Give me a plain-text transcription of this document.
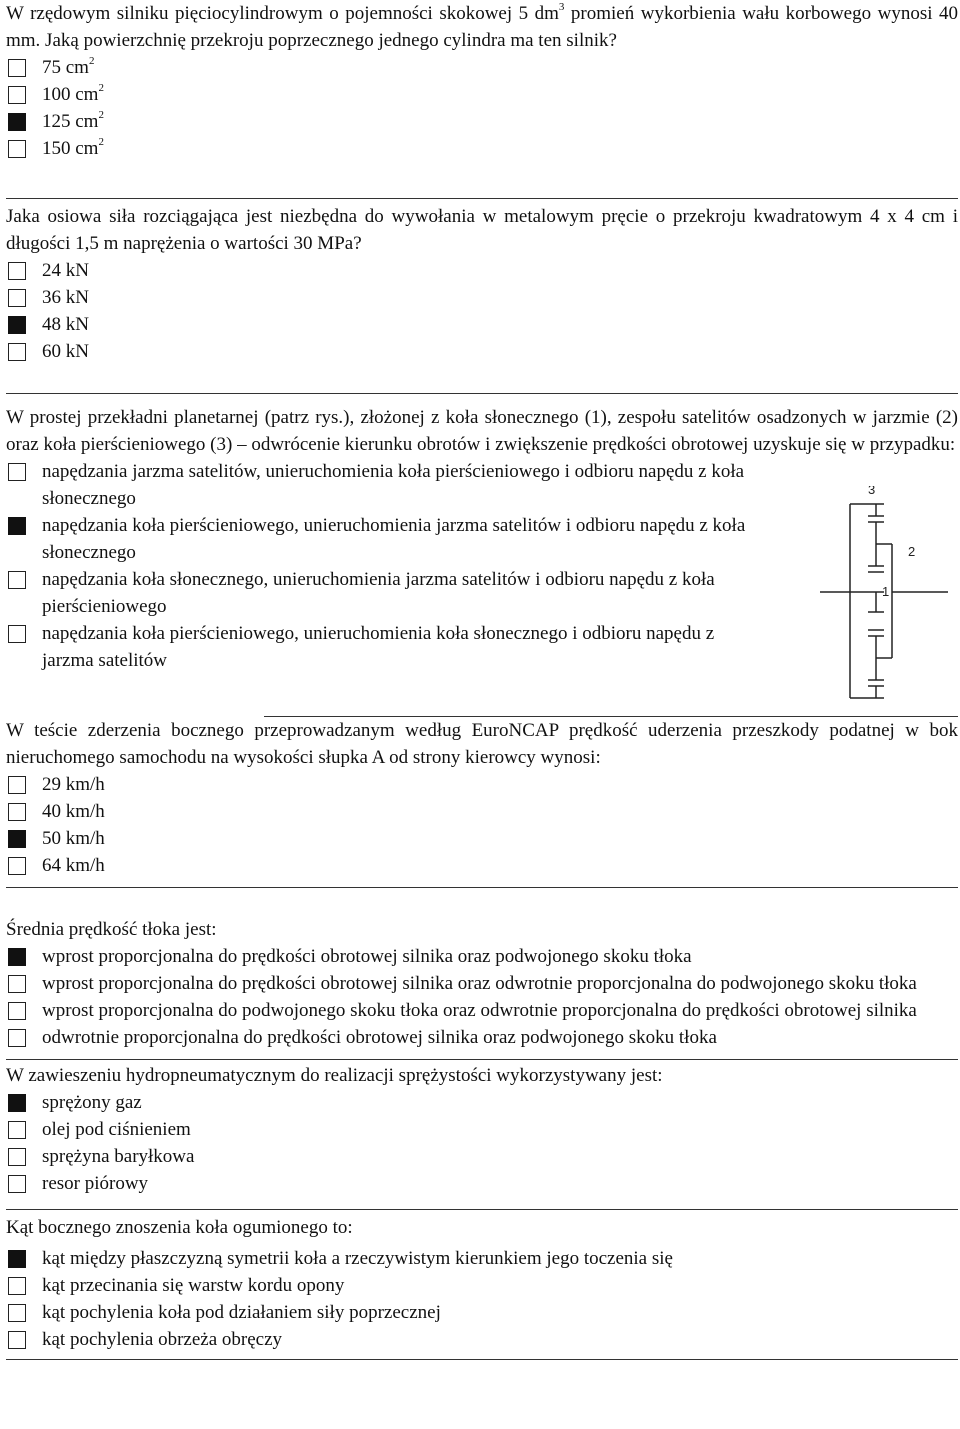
W rzędowym silniku pięciocylindrowym o pojemności skokowej 5 $dm^3$ promień wykorbienia wału korbowego wynosi 40 mm. Jaką powierzchnię przekroju poprzecznego jednego cylindra ma ten silnik?
75 $cm^2$
100 $cm^2$
125 $cm^2$
150 $cm^2$
Jaka osiowa siła rozciągająca jest niezbędna do wywołania w metalowym pręcie o przekroju kwadratowym 4 x 4 cm i długości 1,5 m naprężenia o wartości 30 MPa?
24 kN
36 kN
48 kN
60 kN
W prostej przekładni planetarnej (patrz rys.), złożonej z koła słonecznego (1), zespołu satelitów osadzonych w jarzmie (2) oraz koła pierścieniowego (3) – odwrócenie kierunku obrotów i zwiększenie prędkości obrotowej uzyskuje się w przypadku:
napędzania jarzma satelitów, unieruchomienia koła pierścieniowego i odbioru napędu z koła słonecznego
napędzania koła pierścieniowego, unieruchomienia jarzma satelitów i odbioru napędu z koła słonecznego
napędzania koła słonecznego, unieruchomienia jarzma satelitów i odbioru napędu z koła pierścieniowego
napędzania koła pierścieniowego, unieruchomienia koła słonecznego i odbioru napędu z jarzma satelitów
3
2
1
W teście zderzenia bocznego przeprowadzanym według EuroNCAP prędkość uderzenia przeszkody podatnej w bok nieruchomego samochodu na wysokości słupka A od strony kierowcy wynosi:
29 km/h
40 km/h
50 km/h
64 km/h
Średnia prędkość tłoka jest:
wprost proporcjonalna do prędkości obrotowej silnika oraz podwojonego skoku tłoka
wprost proporcjonalna do prędkości obrotowej silnika oraz odwrotnie proporcjonalna do podwojonego skoku tłoka
wprost proporcjonalna do podwojonego skoku tłoka oraz odwrotnie proporcjonalna do prędkości obrotowej silnika
odwrotnie proporcjonalna do prędkości obrotowej silnika oraz podwojonego skoku tłoka
W zawieszeniu hydropneumatycznym do realizacji sprężystości wykorzystywany jest:
sprężony gaz
olej pod ciśnieniem
sprężyna baryłkowa
resor piórowy
Kąt bocznego znoszenia koła ogumionego to:
kąt między płaszczyzną symetrii koła a rzeczywistym kierunkiem jego toczenia się
kąt przecinania się warstw kordu opony
kąt pochylenia koła pod działaniem siły poprzecznej
kąt pochylenia obrzeża obręczy
